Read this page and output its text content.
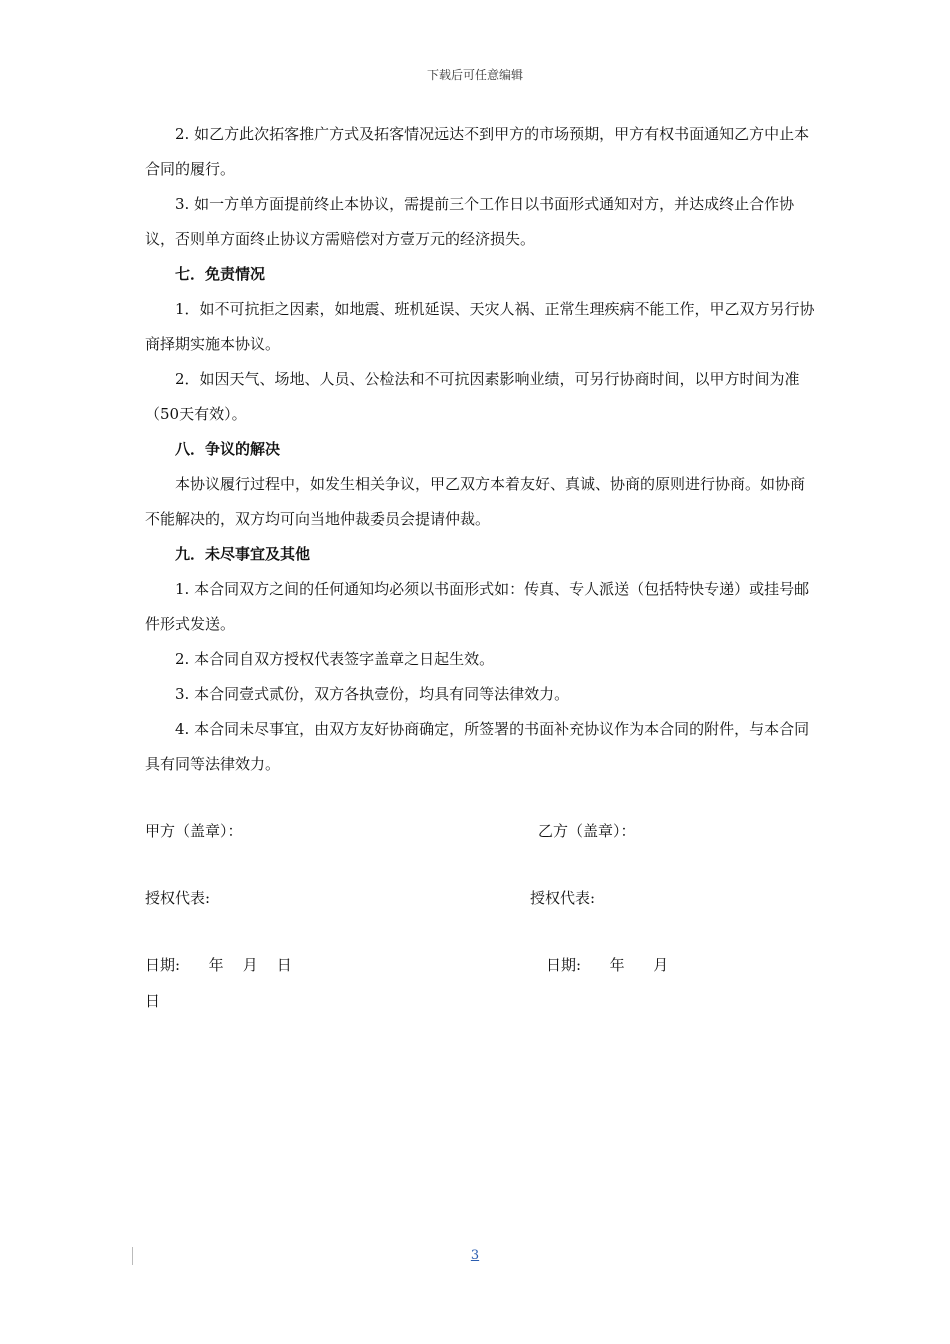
下载后可任意编辑

2. 如乙方此次拓客推广方式及拓客情况远达不到甲方的市场预期，甲方有权书面通知乙方中止本合同的履行。

3. 如一方单方面提前终止本协议，需提前三个工作日以书面形式通知对方，并达成终止合作协议，否则单方面终止协议方需赔偿对方壹万元的经济损失。

七．免责情况

1．如不可抗拒之因素，如地震、班机延误、天灾人祸、正常生理疾病不能工作，甲乙双方另行协商择期实施本协议。

2．如因天气、场地、人员、公检法和不可抗因素影响业绩，可另行协商时间，以甲方时间为准（50天有效）。

八．争议的解决

本协议履行过程中，如发生相关争议，甲乙双方本着友好、真诚、协商的原则进行协商。如协商不能解决的，双方均可向当地仲裁委员会提请仲裁。

九．未尽事宜及其他

1. 本合同双方之间的任何通知均必须以书面形式如：传真、专人派送（包括特快专递）或挂号邮件形式发送。

2. 本合同自双方授权代表签字盖章之日起生效。

3. 本合同壹式贰份，双方各执壹份，均具有同等法律效力。

4. 本合同未尽事宜，由双方友好协商确定，所签署的书面补充协议作为本合同的附件，与本合同具有同等法律效力。

甲方（盖章）：	乙方（盖章）：
授权代表:	授权代表:
日期:      年    月    日	日期:      年      月
日
3
